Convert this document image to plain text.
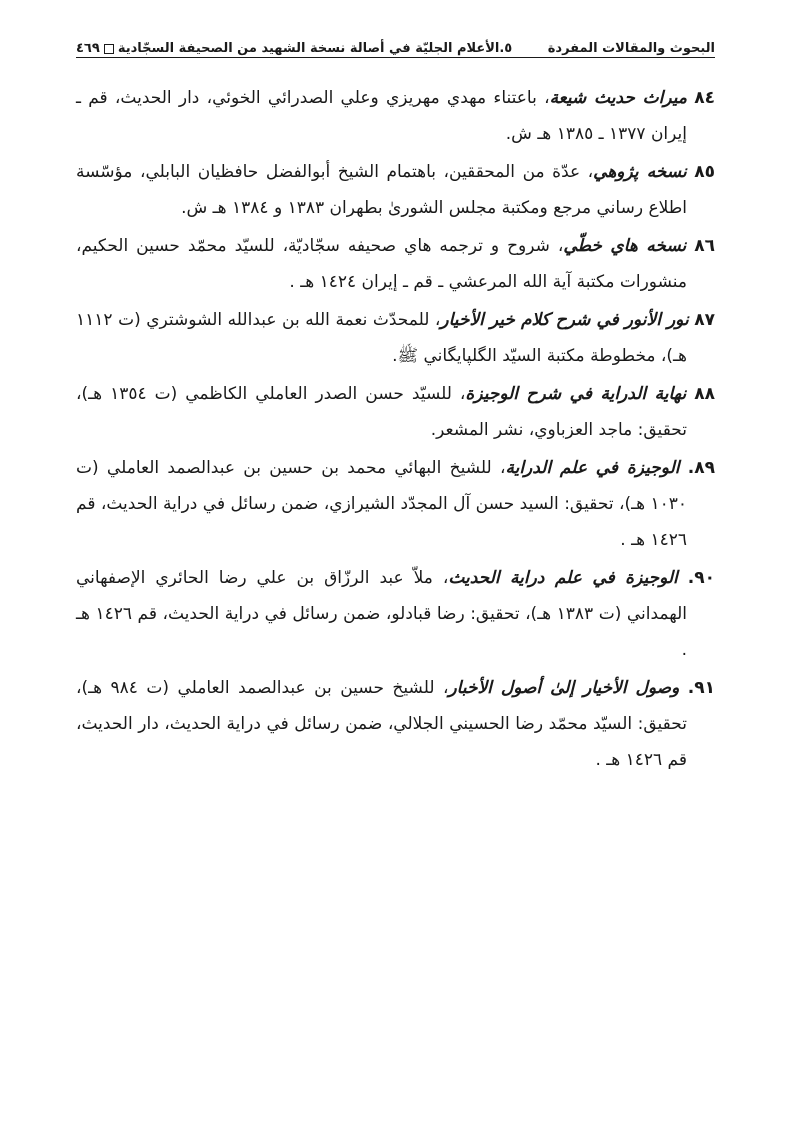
البحوث والمقالات المفردة
٥.الأعلام الجليّة في أصالة نسخة الشهيد من الصحيفة السجّادية
٤٦٩

٨٤ ميراث حديث شيعة، باعتناء مهدي مهريزي وعلي الصدرائي الخوئي، دار الحديث، قم ـ إيران ١٣٧٧ ـ ١٣٨٥ هـ ش.

٨٥ نسخه پژوهي، عدّة من المحققين، باهتمام الشيخ أبوالفضل حافظيان البابلي، مؤسّسة اطلاع رساني مرجع ومكتبة مجلس الشورىٰ بطهران ١٣٨٣ و ١٣٨٤ هـ ش.

٨٦ نسخه هاي خطّي، شروح و ترجمه هاي صحيفه سجّاديّة، للسيّد محمّد حسين الحكيم، منشورات مكتبة آية الله المرعشي ـ قم ـ إيران ١٤٢٤ هـ .

٨٧ نور الأنور في شرح كلام خير الأخيار، للمحدّث نعمة الله بن عبدالله الشوشتري (ت ١١١٢ هـ)، مخطوطة مكتبة السيّد الگلپايگاني ﷺ.

٨٨ نهاية الدراية في شرح الوجيزة، للسيّد حسن الصدر العاملي الكاظمي (ت ١٣٥٤ هـ)، تحقيق: ماجد العزباوي، نشر المشعر.

٨٩. الوجيزة في علم الدراية، للشيخ البهائي محمد بن حسين بن عبدالصمد العاملي (ت ١٠٣٠ هـ)، تحقيق: السيد حسن آل المجدّد الشيرازي، ضمن رسائل في دراية الحديث، قم ١٤٢٦ هـ .

٩٠. الوجيزة في علم دراية الحديث، ملاّ عبد الرزّاق بن علي رضا الحائري الإصفهاني الهمداني (ت ١٣٨٣ هـ)، تحقيق: رضا قبادلو، ضمن رسائل في دراية الحديث، قم ١٤٢٦ هـ .

٩١. وصول الأخيار إلىٰ أصول الأخبار، للشيخ حسين بن عبدالصمد العاملي (ت ٩٨٤ هـ)، تحقيق: السيّد محمّد رضا الحسيني الجلالي، ضمن رسائل في دراية الحديث، دار الحديث، قم ١٤٢٦ هـ .
